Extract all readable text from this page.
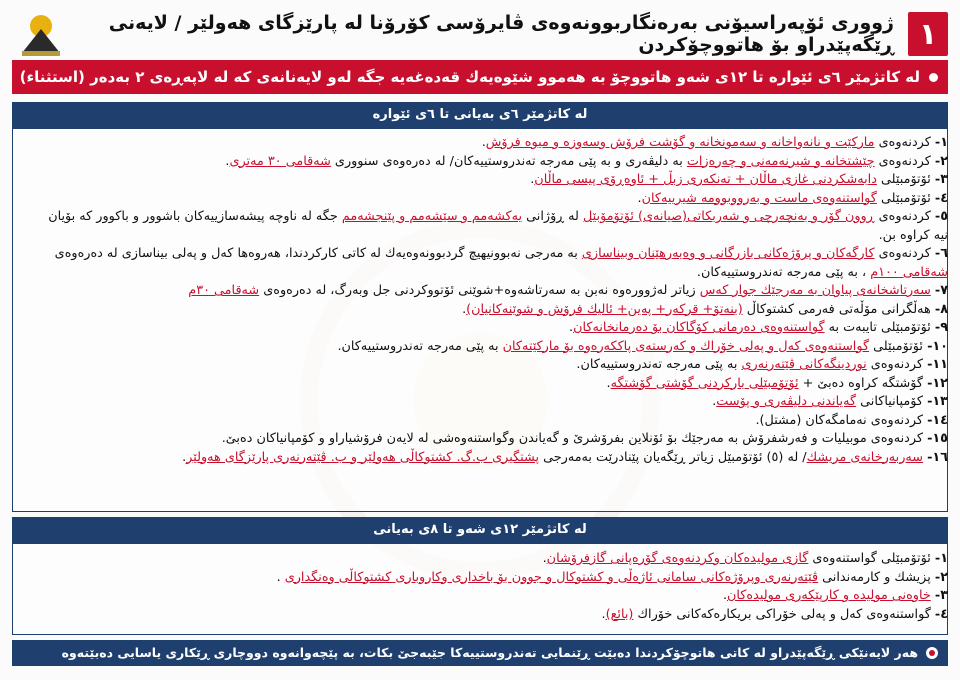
١
ژووری ئۆپەراسیۆنی بەرەنگاربوونەوەی ڤایرۆسی کۆرۆنا لە پارێزگای هەولێر / لایەنی ڕێگەپێدراو بۆ هاتووچۆکردن
لە کاتژمێر ٦ی ئێوارە تا ١٢ی شەو هاتووچۆ بە هەموو شێوەیەك قەدەغەیە جگە لەو لایەنانەی کە لە لاپەڕەی ٢ بەدەر (استثناء)
لە کاتژمێر ٦ی بەیانی تا ٦ی ئێوارە
١- کردنەوەی مارکێت و نانەواخانە و سەمونخانە و گۆشت فرۆش وسەوزە و میوە فرۆش.
٢- کردنەوەی چێشتخانە و شیرنەمەنی و چەرەزات بە دلیڤەری و بە پێی مەرجە تەندروستییەکان/ لە دەرەوەی سنووری شەقامی ٣٠ مەتری.
٣- ئۆتۆمبێلی دابەشکردنی غازی ماڵان + تەنکەری زبڵ + ئاوەڕۆی پیسی ماڵان.
٤- ئۆتۆمبێلی گواستنەوەی ماست و بەرووبوومە شیرییەکان.
٥- کردنەوەی ڕوون گۆر و بەنچەرچی و شەربکاتی(صیانەی) ئۆتۆمۆبێل لە ڕۆژانی یەکشەمم و سێشەمم و پێنجشەمم جگە لە ناوچە پیشەسازییەکان باشوور و باکوور کە بۆیان نیە کراوە بن.
٦- کردنەوەی کارگەکان و پرۆژەکانی بازرگانی و وەبەرهێنان وبیناسازی بە مەرجی نەبوونیهیچ گردبوونەوەیەك لە کاتی کارکردندا، هەروەها کەل و پەلی بیناسازی لە دەرەوەی شەقامی ١٠٠م ، بە پێی مەرجە تەندروستییەکان.
٧- سەرتاشخانەی پیاوان بە مەرجێك جوار کەس زیاتر لەژوورەوە نەبن بە سەرتاشەوە+شوێنی ئۆتووکردنی جل وبەرگ، لە دەرەوەی شەقامی ٣٠م
٨- هەڵگرانی مۆڵەتی فەرمی کشتوکاڵ (بنەتۆ+ قرکەر+ پەین+ ئالیك فرۆش و شوێنەکانیان).
٩- ئۆتۆمبێلی تایبەت بە گواستنەوەی دەرمانی کۆگاکان بۆ دەرمانخانەکان.
١٠- ئۆتۆمبێلی گواستنەوەی کەل و پەلی خۆراك و کەرستەی پاککەرەوە بۆ مارکێتەکان بە پێی مەرجە تەندروستییەکان.
١١- کردنەوەی نوردینگەکانی ڤێتەرنەری بە پێی مەرجە تەندروستییەکان.
١٢- گۆشتگە کراوە دەبێ + ئۆتۆمبێلی بارکردنی گۆشتی گۆشتگە.
١٣- کۆمپانیاکانی گەیاندنی دلیڤەری و پۆست.
١٤- کردنەوەی نەمامگەکان (مشتل).
١٥- کردنەوەی موبیلیات و فەرشفرۆش بە مەرجێك بۆ ئۆنلاین بفرۆشرێ و گەیاندن وگواستنەوەشی لە لایەن فرۆشیاراو و کۆمپانیاکان دەبێ.
١٦- سەربەرخانەی مریشك/ لە (٥) ئۆتۆمبێل زیاتر ڕێگەیان پێنادرێت بەمەرجی پشتگیری ب.گ. کشتوکاڵی هەولێر و ب. ڤێتەرنەری پارێزگای هەولێر.
لە کاتژمێر ١٢ی شەو تا ٨ی بەیانی
١- ئۆتۆمبێلی گواستنەوەی گازی مولیدەکان وکردنەوەی گۆرەپانی گازفرۆشان.
٢- پزیشك و کارمەندانی ڤێتەرنەری وپرۆژەکانی سامانی ئاژەڵی و کشتوکال و جوون بۆ باخداری وکاروباری کشتوکاڵی وەنگداری .
٣- خاوەنی مولیدە و کارپێکەری مولیدەکان.
٤- گواستنەوەی کەل و پەلی خۆراکی بریکارەکەکانی خۆراك (بائع).
هەر لایەنێکی ڕێگەپێدراو لە کاتی هاتوچۆکردندا دەبێت ڕێنمایی تەندروستییەکا جێبەجێ بکات، بە پێچەوانەوە دووچاری ڕێکاری یاسایی دەبێتەوە
